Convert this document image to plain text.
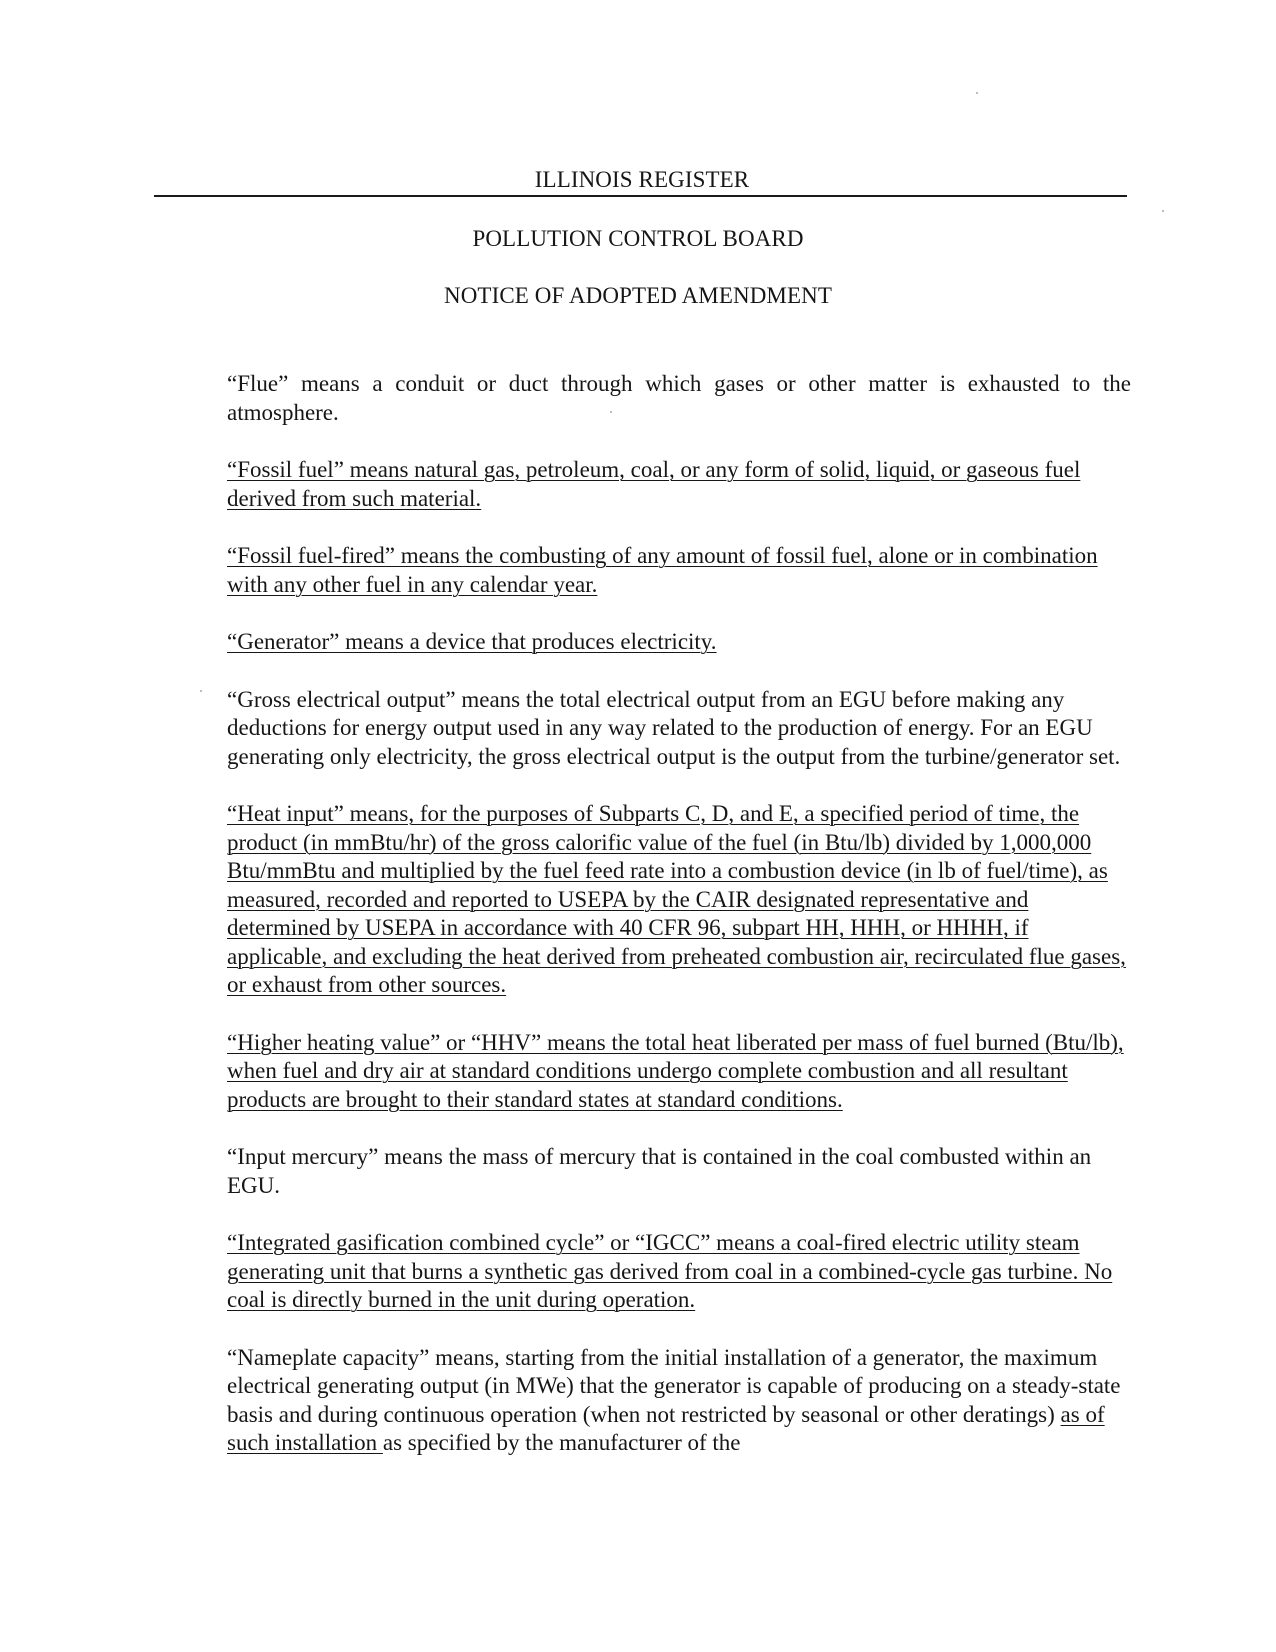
ILLINOIS REGISTER
POLLUTION CONTROL BOARD
NOTICE OF ADOPTED AMENDMENT

“Flue” means a conduit or duct through which gases or other matter is exhausted to the atmosphere.

“Fossil fuel” means natural gas, petroleum, coal, or any form of solid, liquid, or gaseous fuel derived from such material.

“Fossil fuel-fired” means the combusting of any amount of fossil fuel, alone or in combination with any other fuel in any calendar year.

“Generator” means a device that produces electricity.

“Gross electrical output” means the total electrical output from an EGU before making any deductions for energy output used in any way related to the production of energy. For an EGU generating only electricity, the gross electrical output is the output from the turbine/generator set.

“Heat input” means, for the purposes of Subparts C, D, and E, a specified period of time, the product (in mmBtu/hr) of the gross calorific value of the fuel (in Btu/lb) divided by 1,000,000 Btu/mmBtu and multiplied by the fuel feed rate into a combustion device (in lb of fuel/time), as measured, recorded and reported to USEPA by the CAIR designated representative and determined by USEPA in accordance with 40 CFR 96, subpart HH, HHH, or HHHH, if applicable, and excluding the heat derived from preheated combustion air, recirculated flue gases, or exhaust from other sources.

“Higher heating value” or “HHV” means the total heat liberated per mass of fuel burned (Btu/lb), when fuel and dry air at standard conditions undergo complete combustion and all resultant products are brought to their standard states at standard conditions.

“Input mercury” means the mass of mercury that is contained in the coal combusted within an EGU.

“Integrated gasification combined cycle” or “IGCC” means a coal-fired electric utility steam generating unit that burns a synthetic gas derived from coal in a combined-cycle gas turbine. No coal is directly burned in the unit during operation.

“Nameplate capacity” means, starting from the initial installation of a generator, the maximum electrical generating output (in MWe) that the generator is capable of producing on a steady-state basis and during continuous operation (when not restricted by seasonal or other deratings) as of such installation as specified by the manufacturer of the
